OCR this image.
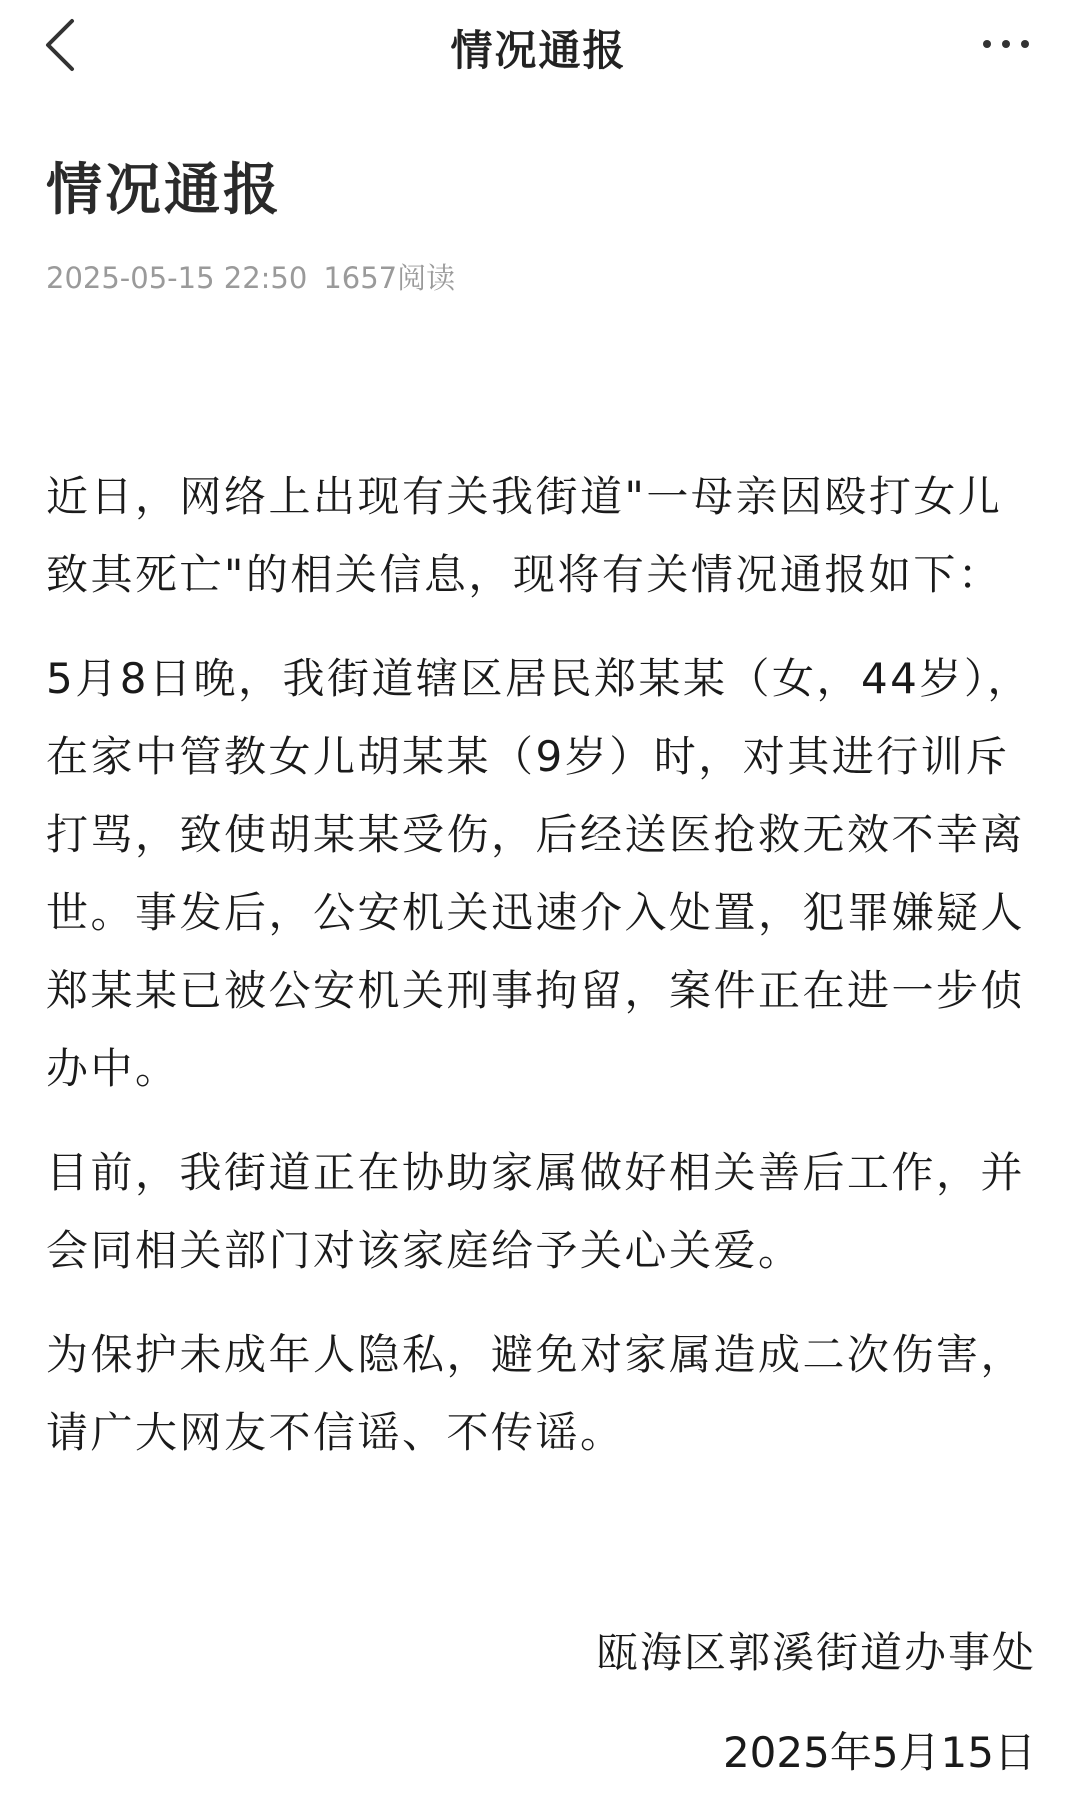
情况通报
情况通报
2025-05-15 22:50 1657阅读

近日，网络上出现有关我街道"一母亲因殴打女儿致其死亡"的相关信息，现将有关情况通报如下：

5月8日晚，我街道辖区居民郑某某（女，44岁），在家中管教女儿胡某某（9岁）时，对其进行训斥打骂，致使胡某某受伤，后经送医抢救无效不幸离世。事发后，公安机关迅速介入处置，犯罪嫌疑人郑某某已被公安机关刑事拘留，案件正在进一步侦办中。

目前，我街道正在协助家属做好相关善后工作，并会同相关部门对该家庭给予关心关爱。

为保护未成年人隐私，避免对家属造成二次伤害，请广大网友不信谣、不传谣。

瓯海区郭溪街道办事处
2025年5月15日
